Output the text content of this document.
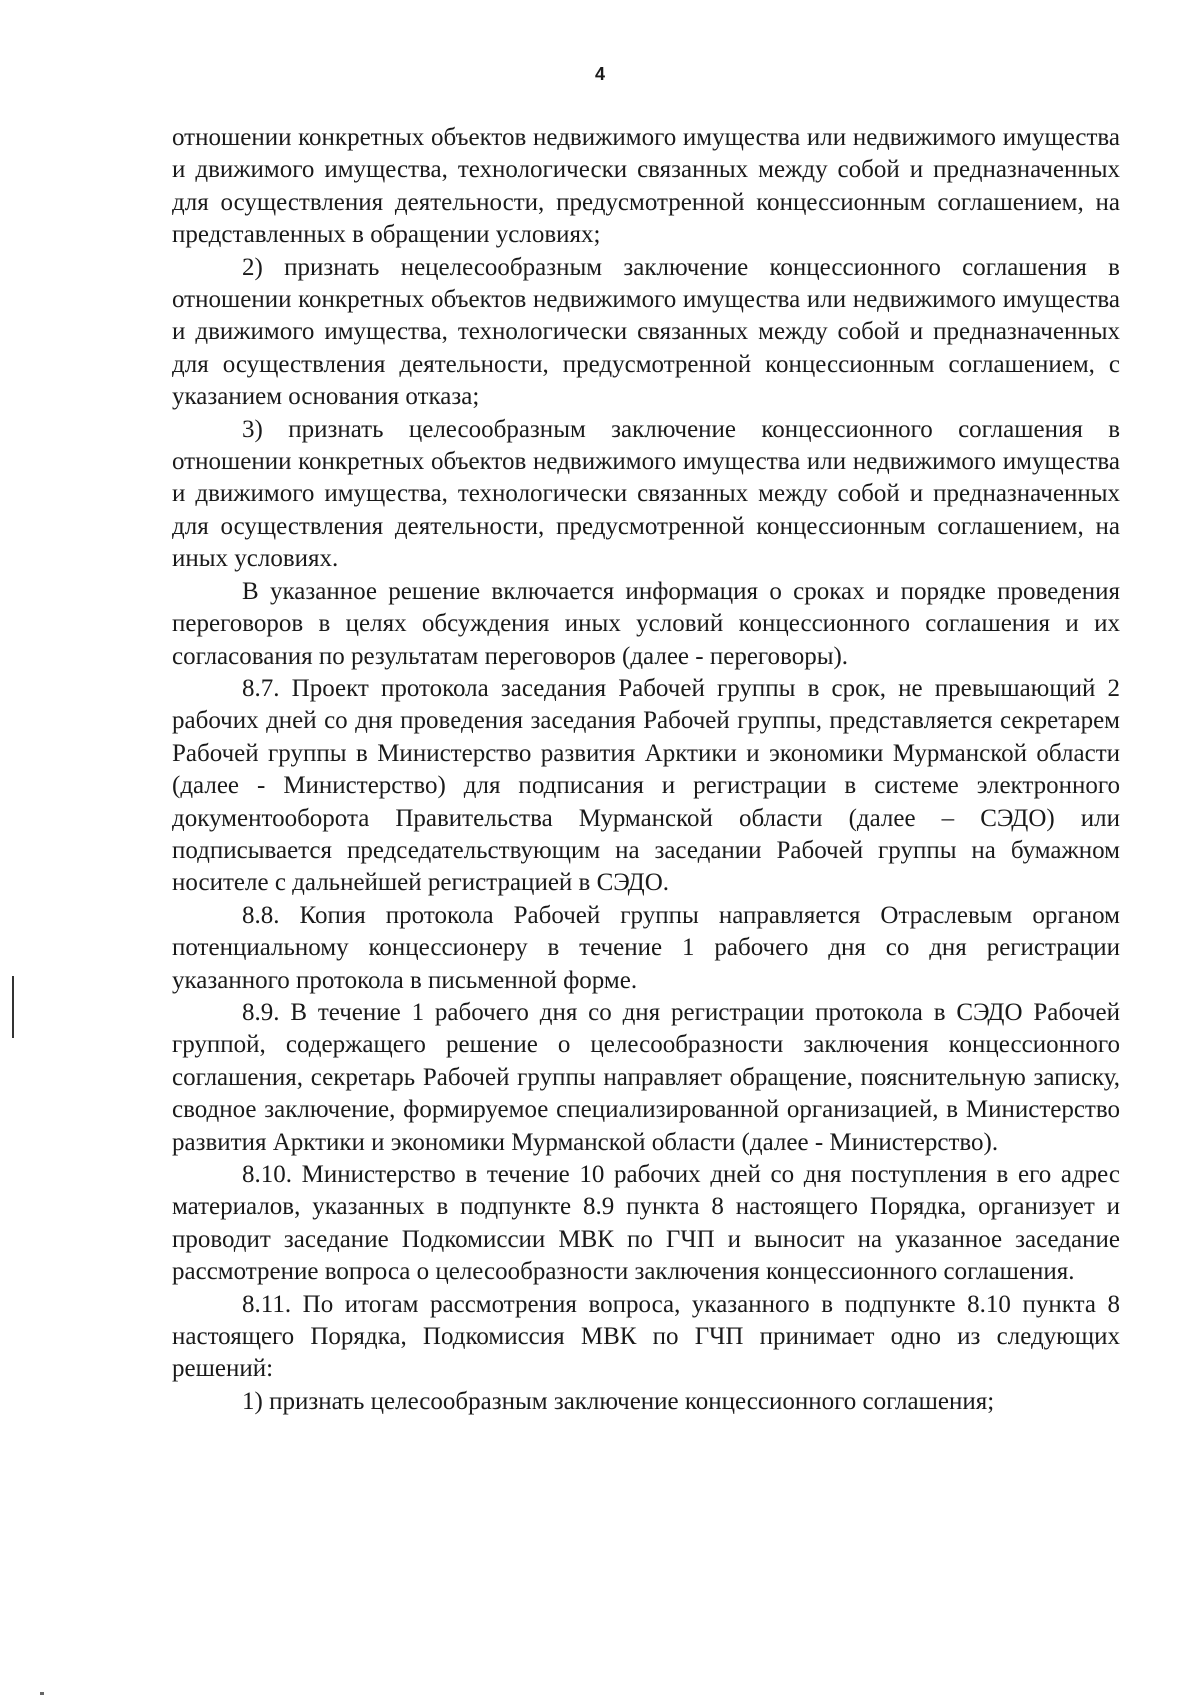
4

отношении конкретных объектов недвижимого имущества или недвижимого имущества и движимого имущества, технологически связанных между собой и предназначенных для осуществления деятельности, предусмотренной концессионным соглашением, на представленных в обращении условиях;

2) признать нецелесообразным заключение концессионного соглашения в отношении конкретных объектов недвижимого имущества или недвижимого имущества и движимого имущества, технологически связанных между собой и предназначенных для осуществления деятельности, предусмотренной концессионным соглашением, с указанием основания отказа;

3) признать целесообразным заключение концессионного соглашения в отношении конкретных объектов недвижимого имущества или недвижимого имущества и движимого имущества, технологически связанных между собой и предназначенных для осуществления деятельности, предусмотренной концессионным соглашением, на иных условиях.

В указанное решение включается информация о сроках и порядке проведения переговоров в целях обсуждения иных условий концессионного соглашения и их согласования по результатам переговоров (далее - переговоры).

8.7. Проект протокола заседания Рабочей группы в срок, не превышающий 2 рабочих дней со дня проведения заседания Рабочей группы, представляется секретарем Рабочей группы в Министерство развития Арктики и экономики Мурманской области (далее - Министерство) для подписания и регистрации в системе электронного документооборота Правительства Мурманской области (далее – СЭДО) или подписывается председательствующим на заседании Рабочей группы на бумажном носителе с дальнейшей регистрацией в СЭДО.

8.8. Копия протокола Рабочей группы направляется Отраслевым органом потенциальному концессионеру в течение 1 рабочего дня со дня регистрации указанного протокола в письменной форме.

8.9. В течение 1 рабочего дня со дня регистрации протокола в СЭДО Рабочей группой, содержащего решение о целесообразности заключения концессионного соглашения, секретарь Рабочей группы направляет обращение, пояснительную записку, сводное заключение, формируемое специализированной организацией, в Министерство развития Арктики и экономики Мурманской области (далее - Министерство).

8.10. Министерство в течение 10 рабочих дней со дня поступления в его адрес материалов, указанных в подпункте 8.9 пункта 8 настоящего Порядка, организует и проводит заседание Подкомиссии МВК по ГЧП и выносит на указанное заседание рассмотрение вопроса о целесообразности заключения концессионного соглашения.

8.11. По итогам рассмотрения вопроса, указанного в подпункте 8.10 пункта 8 настоящего Порядка, Подкомиссия МВК по ГЧП принимает одно из следующих решений:

1) признать целесообразным заключение концессионного соглашения;
